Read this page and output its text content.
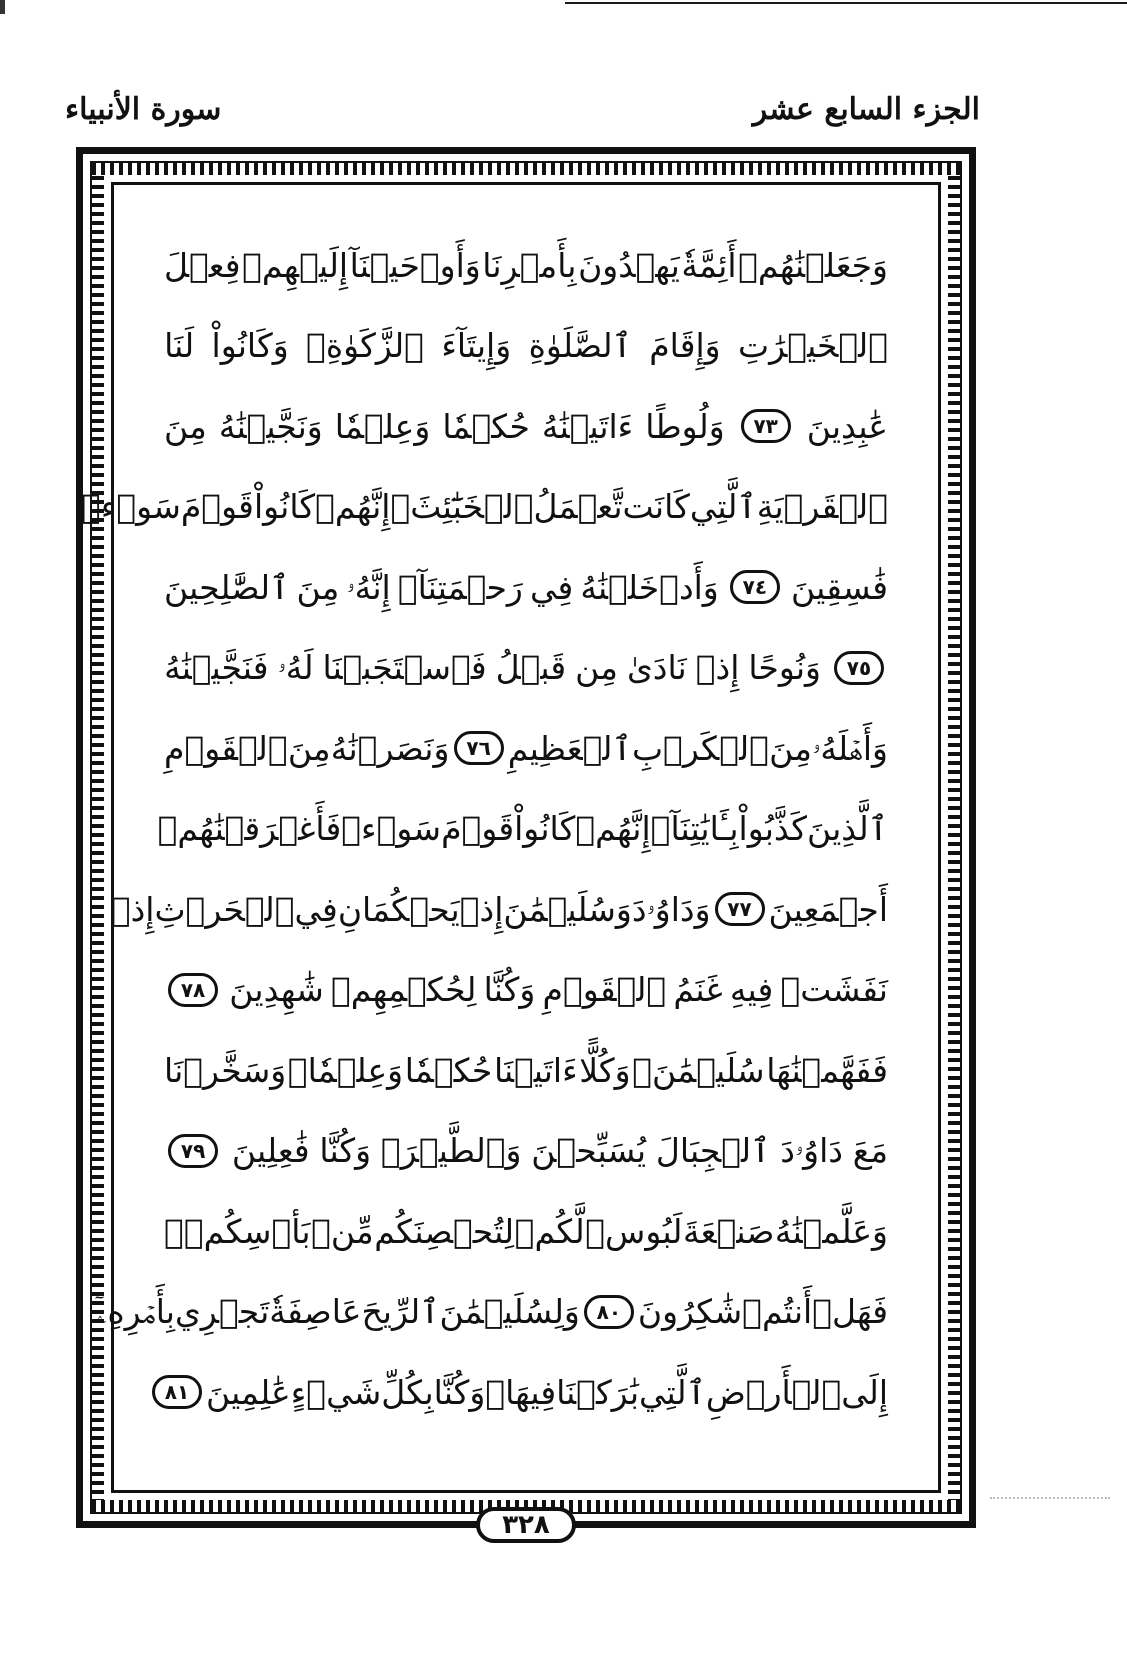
الجزء السابع عشر
سورة الأنبياء
وَجَعَلۡنَٰهُمۡ
أَئِمَّةٗ
يَهۡدُونَ
بِأَمۡرِنَا
وَأَوۡحَيۡنَآ
إِلَيۡهِمۡ
فِعۡلَ
ٱلۡخَيۡرَٰتِ
وَإِقَامَ
ٱلصَّلَوٰةِ
وَإِيتَآءَ
ٱلزَّكَوٰةِۖ
وَكَانُواْ
لَنَا
عَٰبِدِينَ
٧٣
وَلُوطًا
ءَاتَيۡنَٰهُ
حُكۡمٗا
وَعِلۡمٗا
وَنَجَّيۡنَٰهُ
مِنَ
ٱلۡقَرۡيَةِ
ٱلَّتِي
كَانَت
تَّعۡمَلُ
ٱلۡخَبَٰٓئِثَۚ
إِنَّهُمۡ
كَانُواْ
قَوۡمَ
سَوۡءٖ
فَٰسِقِينَ
٧٤
وَأَدۡخَلۡنَٰهُ
فِي
رَحۡمَتِنَآۖ
إِنَّهُۥ
مِنَ
ٱلصَّٰلِحِينَ
٧٥
وَنُوحًا
إِذۡ
نَادَىٰ
مِن
قَبۡلُ
فَٱسۡتَجَبۡنَا
لَهُۥ
فَنَجَّيۡنَٰهُ
وَأَهۡلَهُۥ
مِنَ
ٱلۡكَرۡبِ
ٱلۡعَظِيمِ
٧٦
وَنَصَرۡنَٰهُ
مِنَ
ٱلۡقَوۡمِ
ٱلَّذِينَ
كَذَّبُواْ
بِـَٔايَٰتِنَآۚ
إِنَّهُمۡ
كَانُواْ
قَوۡمَ
سَوۡءٖ
فَأَغۡرَقۡنَٰهُمۡ
أَجۡمَعِينَ
٧٧
وَدَاوُۥدَ
وَسُلَيۡمَٰنَ
إِذۡ
يَحۡكُمَانِ
فِي
ٱلۡحَرۡثِ
إِذۡ
نَفَشَتۡ
فِيهِ
غَنَمُ
ٱلۡقَوۡمِ
وَكُنَّا
لِحُكۡمِهِمۡ
شَٰهِدِينَ
٧٨
فَفَهَّمۡنَٰهَا
سُلَيۡمَٰنَۚ
وَكُلًّا
ءَاتَيۡنَا
حُكۡمٗا
وَعِلۡمٗاۚ
وَسَخَّرۡنَا
مَعَ
دَاوُۥدَ
ٱلۡجِبَالَ
يُسَبِّحۡنَ
وَٱلطَّيۡرَۚ
وَكُنَّا
فَٰعِلِينَ
٧٩
وَعَلَّمۡنَٰهُ
صَنۡعَةَ
لَبُوسٖ
لَّكُمۡ
لِتُحۡصِنَكُم
مِّنۢ
بَأۡسِكُمۡۖ
فَهَلۡ
أَنتُمۡ
شَٰكِرُونَ
٨٠
وَلِسُلَيۡمَٰنَ
ٱلرِّيحَ
عَاصِفَةٗ
تَجۡرِي
بِأَمۡرِهِۦٓ
إِلَى
ٱلۡأَرۡضِ
ٱلَّتِي
بَٰرَكۡنَا
فِيهَاۚ
وَكُنَّا
بِكُلِّ
شَيۡءٍ
عَٰلِمِينَ
٨١
٣٢٨
